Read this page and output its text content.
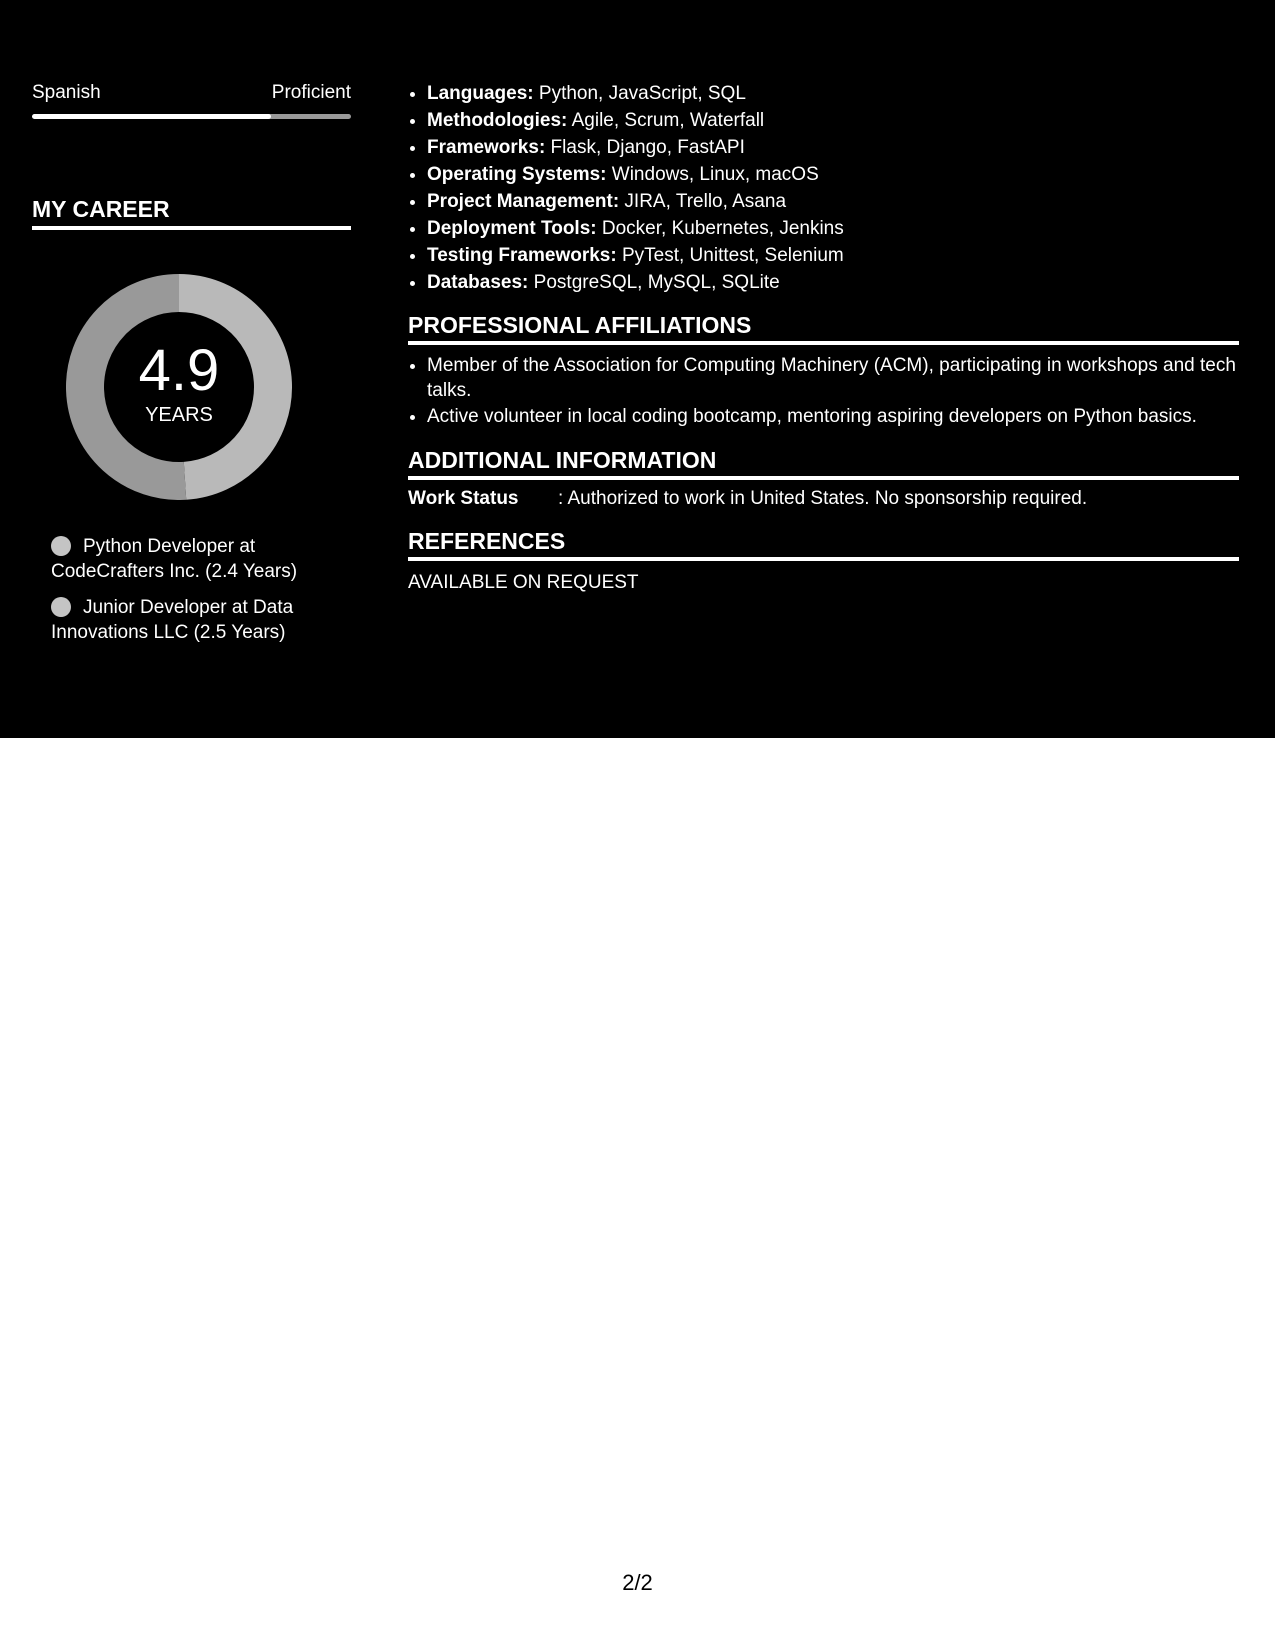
Spanish	Proficient
MY CAREER
4.9
YEARS
Python Developer at CodeCrafters Inc. (2.4 Years)
Junior Developer at Data Innovations LLC (2.5 Years)
• Languages: Python, JavaScript, SQL
• Methodologies: Agile, Scrum, Waterfall
• Frameworks: Flask, Django, FastAPI
• Operating Systems: Windows, Linux, macOS
• Project Management: JIRA, Trello, Asana
• Deployment Tools: Docker, Kubernetes, Jenkins
• Testing Frameworks: PyTest, Unittest, Selenium
• Databases: PostgreSQL, MySQL, SQLite
PROFESSIONAL AFFILIATIONS
• Member of the Association for Computing Machinery (ACM), participating in workshops and tech talks.
• Active volunteer in local coding bootcamp, mentoring aspiring developers on Python basics.
ADDITIONAL INFORMATION
Work Status	: Authorized to work in United States. No sponsorship required.
REFERENCES
AVAILABLE ON REQUEST
2/2
